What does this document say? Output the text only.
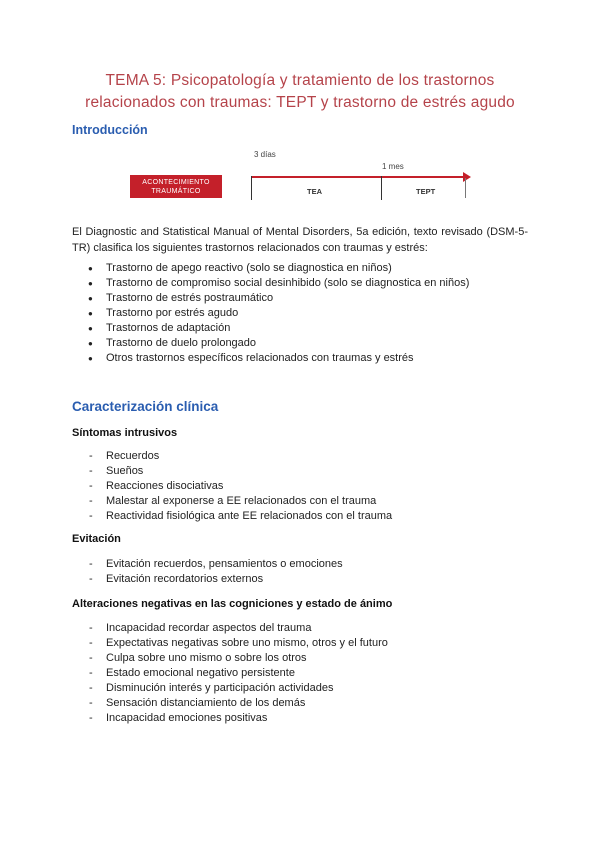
TEMA 5: Psicopatología y tratamiento de los trastornos
relacionados con traumas: TEPT y trastorno de estrés agudo
Introducción
ACONTECIMIENTO
TRAUMÁTICO
3 días
1 mes
TEA	TEPT
El Diagnostic and Statistical Manual of Mental Disorders, 5a edición, texto revisado (DSM-5-TR) clasifica los siguientes trastornos relacionados con traumas y estrés:
● Trastorno de apego reactivo (solo se diagnostica en niños)
● Trastorno de compromiso social desinhibido (solo se diagnostica en niños)
● Trastorno de estrés postraumático
● Trastorno por estrés agudo
● Trastornos de adaptación
● Trastorno de duelo prolongado
● Otros trastornos específicos relacionados con traumas y estrés
Caracterización clínica
Síntomas intrusivos
- Recuerdos
- Sueños
- Reacciones disociativas
- Malestar al exponerse a EE relacionados con el trauma
- Reactividad fisiológica ante EE relacionados con el trauma
Evitación
- Evitación recuerdos, pensamientos o emociones
- Evitación recordatorios externos
Alteraciones negativas en las cogniciones y estado de ánimo
- Incapacidad recordar aspectos del trauma
- Expectativas negativas sobre uno mismo, otros y el futuro
- Culpa sobre uno mismo o sobre los otros
- Estado emocional negativo persistente
- Disminución interés y participación actividades
- Sensación distanciamiento de los demás
- Incapacidad emociones positivas
